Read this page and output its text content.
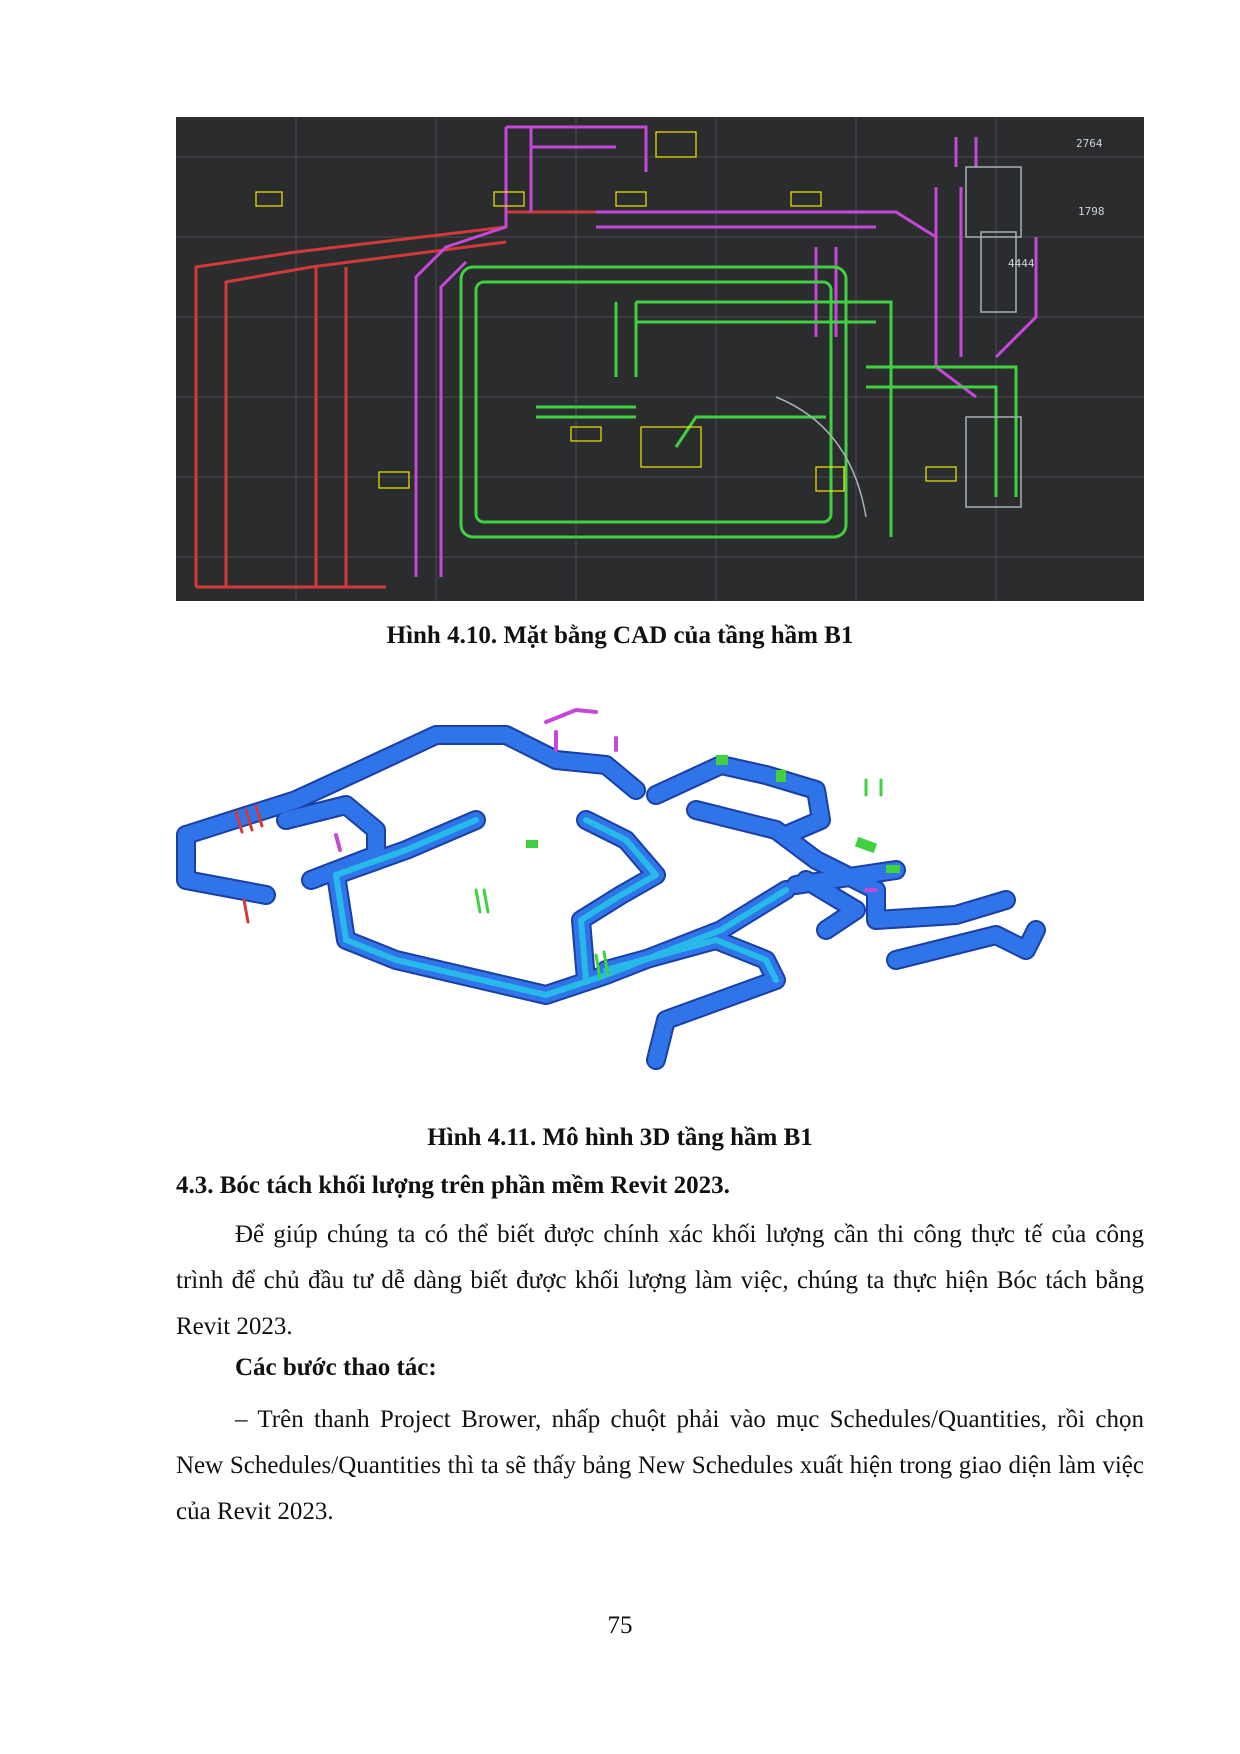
2764
1798
4444
Hình 4.10. Mặt bằng CAD của tầng hầm B1
Hình 4.11. Mô hình 3D tầng hầm B1
4.3. Bóc tách khối lượng trên phần mềm Revit 2023.

Để giúp chúng ta có thể biết được chính xác khối lượng cần thi công thực tế của công trình để chủ đầu tư dễ dàng biết được khối lượng làm việc, chúng ta thực hiện Bóc tách bằng Revit 2023.

Các bước thao tác:

– Trên thanh Project Brower, nhấp chuột phải vào mục Schedules/Quantities, rồi chọn New Schedules/Quantities thì ta sẽ thấy bảng New Schedules xuất hiện trong giao diện làm việc của Revit 2023.

75
